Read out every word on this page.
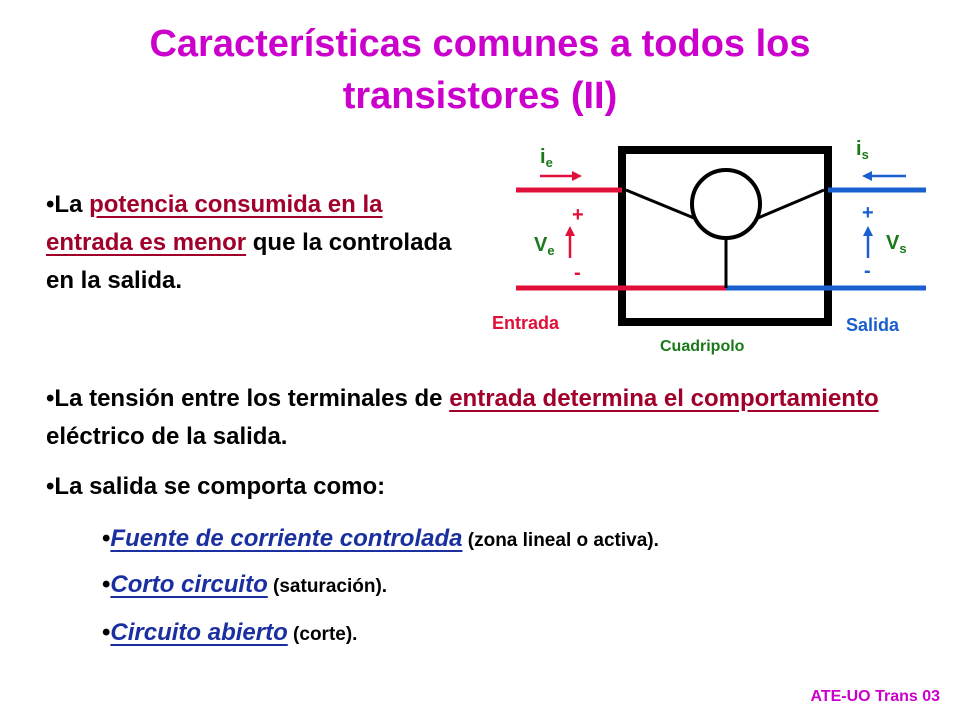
Características comunes a todos los
transistores (II)
•La potencia consumida en la entrada es menor que la controlada en la salida.
$i_e$
$i_s$
+
-
$V_e$
+
-
$V_s$
Entrada	Salida
Cuadripolo
•La tensión entre los terminales de entrada determina el comportamiento eléctrico de la salida.
•La salida se comporta como:
•Fuente de corriente controlada (zona lineal o activa).
•Corto circuito (saturación).
•Circuito abierto (corte).
ATE-UO Trans 03
